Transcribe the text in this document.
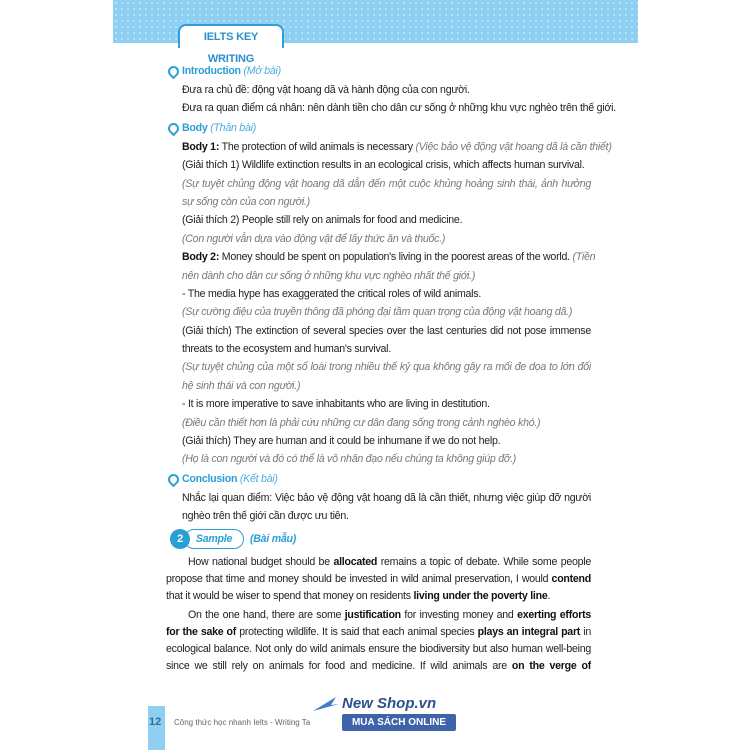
IELTS KEY WRITING
Introduction (Mở bài)
Đưa ra chủ đề: động vật hoang dã và hành động của con người.
Đưa ra quan điểm cá nhân: nên dành tiền cho dân cư sống ở những khu vực nghèo trên thế giới.
Body (Thân bài)
Body 1: The protection of wild animals is necessary (Việc bảo vệ động vật hoang dã là cần thiết)
(Giải thích 1) Wildlife extinction results in an ecological crisis, which affects human survival.
(Sự tuyệt chủng động vật hoang dã dẫn đến một cuộc khủng hoảng sinh thái, ảnh hưởng
sự sống còn của con người.)
(Giải thích 2) People still rely on animals for food and medicine.
(Con người vẫn dựa vào động vật để lấy thức ăn và thuốc.)
Body 2: Money should be spent on population's living in the poorest areas of the world. (Tiền
nên dành cho dân cư sống ở những khu vực nghèo nhất thế giới.)
- The media hype has exaggerated the critical roles of wild animals.
(Sự cường điệu của truyền thông đã phóng đại tầm quan trọng của động vật hoang dã.)
(Giải thích) The extinction of several species over the last centuries did not pose immense
threats to the ecosystem and human's survival.
(Sự tuyệt chủng của một số loài trong nhiều thế kỷ qua không gây ra mối đe dọa to lớn đối
hệ sinh thái và con người.)
- It is more imperative to save inhabitants who are living in destitution.
(Điều cần thiết hơn là phải cứu những cư dân đang sống trong cảnh nghèo khó.)
(Giải thích) They are human and it could be inhumane if we do not help.
(Họ là con người và đó có thể là vô nhân đạo nếu chúng ta không giúp đỡ.)
Conclusion (Kết bài)
Nhắc lại quan điểm: Việc bảo vệ động vật hoang dã là cần thiết, nhưng việc giúp đỡ người
nghèo trên thế giới cần được ưu tiên.
Sample
2	(Bài mẫu)
How national budget should be allocated remains a topic of debate. While some people
propose that time and money should be invested in wild animal preservation, I would contend
that it would be wiser to spend that money on residents living under the poverty line.
On the one hand, there are some justification for investing money and exerting efforts
for the sake of protecting wildlife. It is said that each animal species plays an integral part in
ecological balance. Not only do wild animals ensure the biodiversity but also human well-being
since we still rely on animals for food and medicine. If wild animals are on the verge of
12 Công thức học nhanh Ielts - Writing Ta
New Shop.vn
MUA SÁCH ONLINE
